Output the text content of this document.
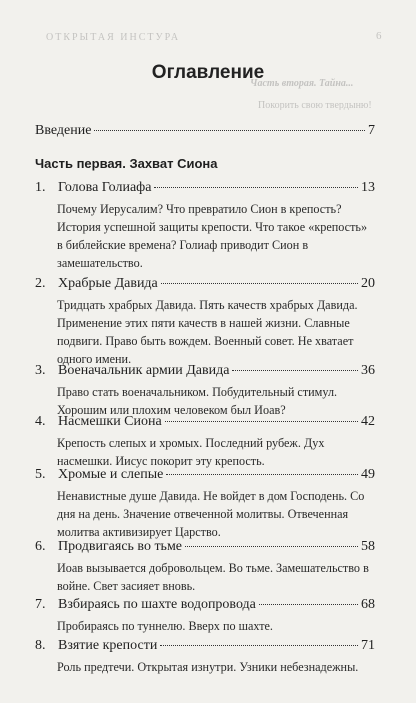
ОТКРЫТАЯ ИНСТУРА	6
Часть вторая. Тайна...
Покорить свою твердыню!
Оглавление
Введение	7
Часть первая. Захват Сиона
1. Голова Голиафа	13
Почему Иерусалим? Что превратило Сион в крепость? История успешной защиты крепости. Что такое «крепость» в библейские времена? Голиаф приводит Сион в замешательство.
2. Храбрые Давида	20
Тридцать храбрых Давида. Пять качеств храбрых Давида. Применение этих пяти качеств в нашей жизни. Славные подвиги. Право быть вождем. Военный совет. Не хватает одного имени.
3. Военачальник армии Давида	36
Право стать военачальником. Побудительный стимул. Хорошим или плохим человеком был Иоав?
4. Насмешки Сиона	42
Крепость слепых и хромых. Последний рубеж. Дух насмешки. Иисус покорит эту крепость.
5. Хромые и слепые	49
Ненавистные душе Давида. Не войдет в дом Господень. Со дня на день. Значение отвеченной молитвы. Отвеченная молитва активизирует Царство.
6. Продвигаясь во тьме	58
Иоав вызывается добровольцем. Во тьме. Замешательство в войне. Свет засияет вновь.
7. Взбираясь по шахте водопровода	68
Пробираясь по туннелю. Вверх по шахте.
8. Взятие крепости	71
Роль предтечи. Открытая изнутри. Узники небезнадежны.
